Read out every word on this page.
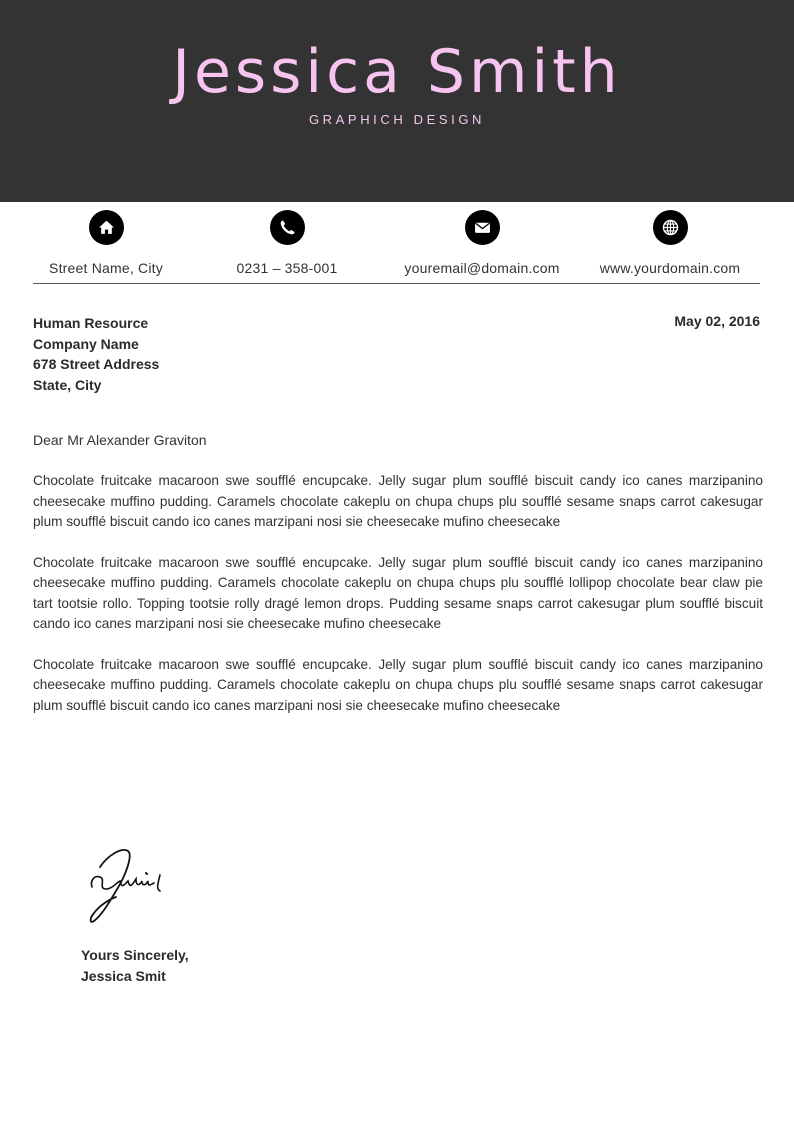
Jessica Smith
GRAPHICH DESIGN
Street Name, City	0231 – 358-001	youremail@domain.com	www.yourdomain.com
Human Resource
Company Name
678 Street Address
State, City
May 02, 2016
Dear Mr Alexander Graviton

Chocolate fruitcake macaroon swe soufflé encupcake. Jelly sugar plum soufflé biscuit candy ico canes marzipanino cheesecake muffino pudding. Caramels chocolate cakeplu on chupa chups plu soufflé sesame snaps carrot cakesugar plum soufflé biscuit cando ico canes marzipani nosi sie cheesecake mufino cheesecake

Chocolate fruitcake macaroon swe soufflé encupcake. Jelly sugar plum soufflé biscuit candy ico canes marzipanino cheesecake muffino pudding. Caramels chocolate cakeplu on chupa chups plu soufflé lollipop chocolate bear claw pie tart tootsie rollo. Topping tootsie rolly dragé lemon drops. Pudding sesame snaps carrot cakesugar plum soufflé biscuit cando ico canes marzipani nosi sie cheesecake mufino cheesecake

Chocolate fruitcake macaroon swe soufflé encupcake. Jelly sugar plum soufflé biscuit candy ico canes marzipanino cheesecake muffino pudding. Caramels chocolate cakeplu on chupa chups plu soufflé sesame snaps carrot cakesugar plum soufflé biscuit cando ico canes marzipani nosi sie cheesecake mufino cheesecake

Yours Sincerely,
Jessica Smit
